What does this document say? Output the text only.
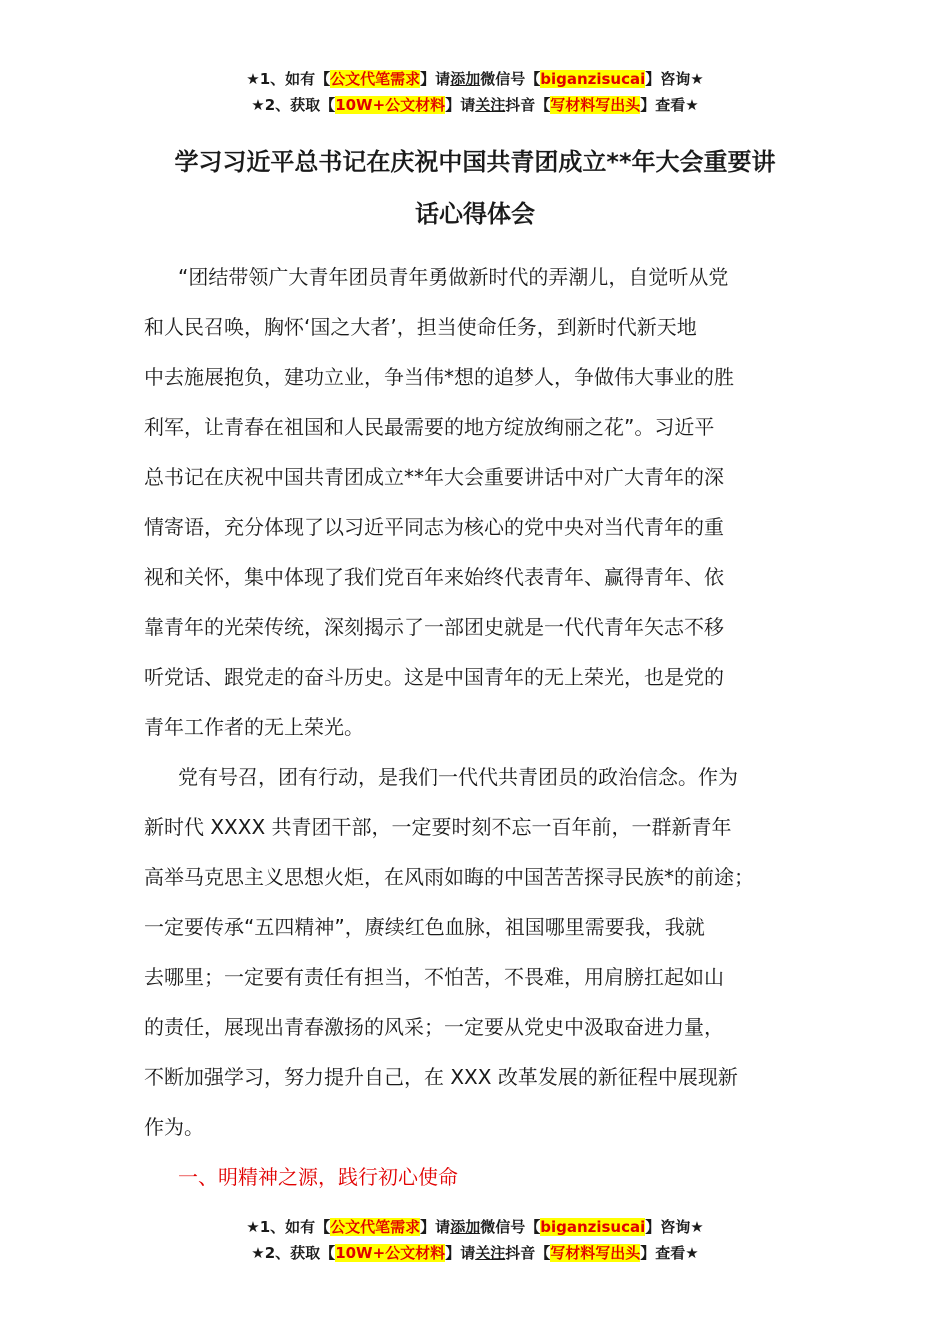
★1、如有【公文代笔需求】请添加微信号【biganzisucai】咨询★
★2、获取【10W+公文材料】请关注抖音【写材料写出头】查看★
学习习近平总书记在庆祝中国共青团成立**年大会重要讲
话心得体会

“团结带领广大青年团员青年勇做新时代的弄潮儿，自觉听从党
和人民召唤，胸怀‘国之大者’，担当使命任务，到新时代新天地
中去施展抱负，建功立业，争当伟*想的追梦人，争做伟大事业的胜
利军，让青春在祖国和人民最需要的地方绽放绚丽之花”。习近平
总书记在庆祝中国共青团成立**年大会重要讲话中对广大青年的深
情寄语，充分体现了以习近平同志为核心的党中央对当代青年的重
视和关怀，集中体现了我们党百年来始终代表青年、赢得青年、依
靠青年的光荣传统，深刻揭示了一部团史就是一代代青年矢志不移
听党话、跟党走的奋斗历史。这是中国青年的无上荣光，也是党的
青年工作者的无上荣光。

党有号召，团有行动，是我们一代代共青团员的政治信念。作为
新时代 XXXX 共青团干部，一定要时刻不忘一百年前，一群新青年
高举马克思主义思想火炬，在风雨如晦的中国苦苦探寻民族*的前途；
一定要传承“五四精神”，赓续红色血脉，祖国哪里需要我，我就
去哪里；一定要有责任有担当，不怕苦，不畏难，用肩膀扛起如山
的责任，展现出青春激扬的风采；一定要从党史中汲取奋进力量，
不断加强学习，努力提升自己，在 XXX 改革发展的新征程中展现新
作为。

一、明精神之源，践行初心使命

★1、如有【公文代笔需求】请添加微信号【biganzisucai】咨询★
★2、获取【10W+公文材料】请关注抖音【写材料写出头】查看★
